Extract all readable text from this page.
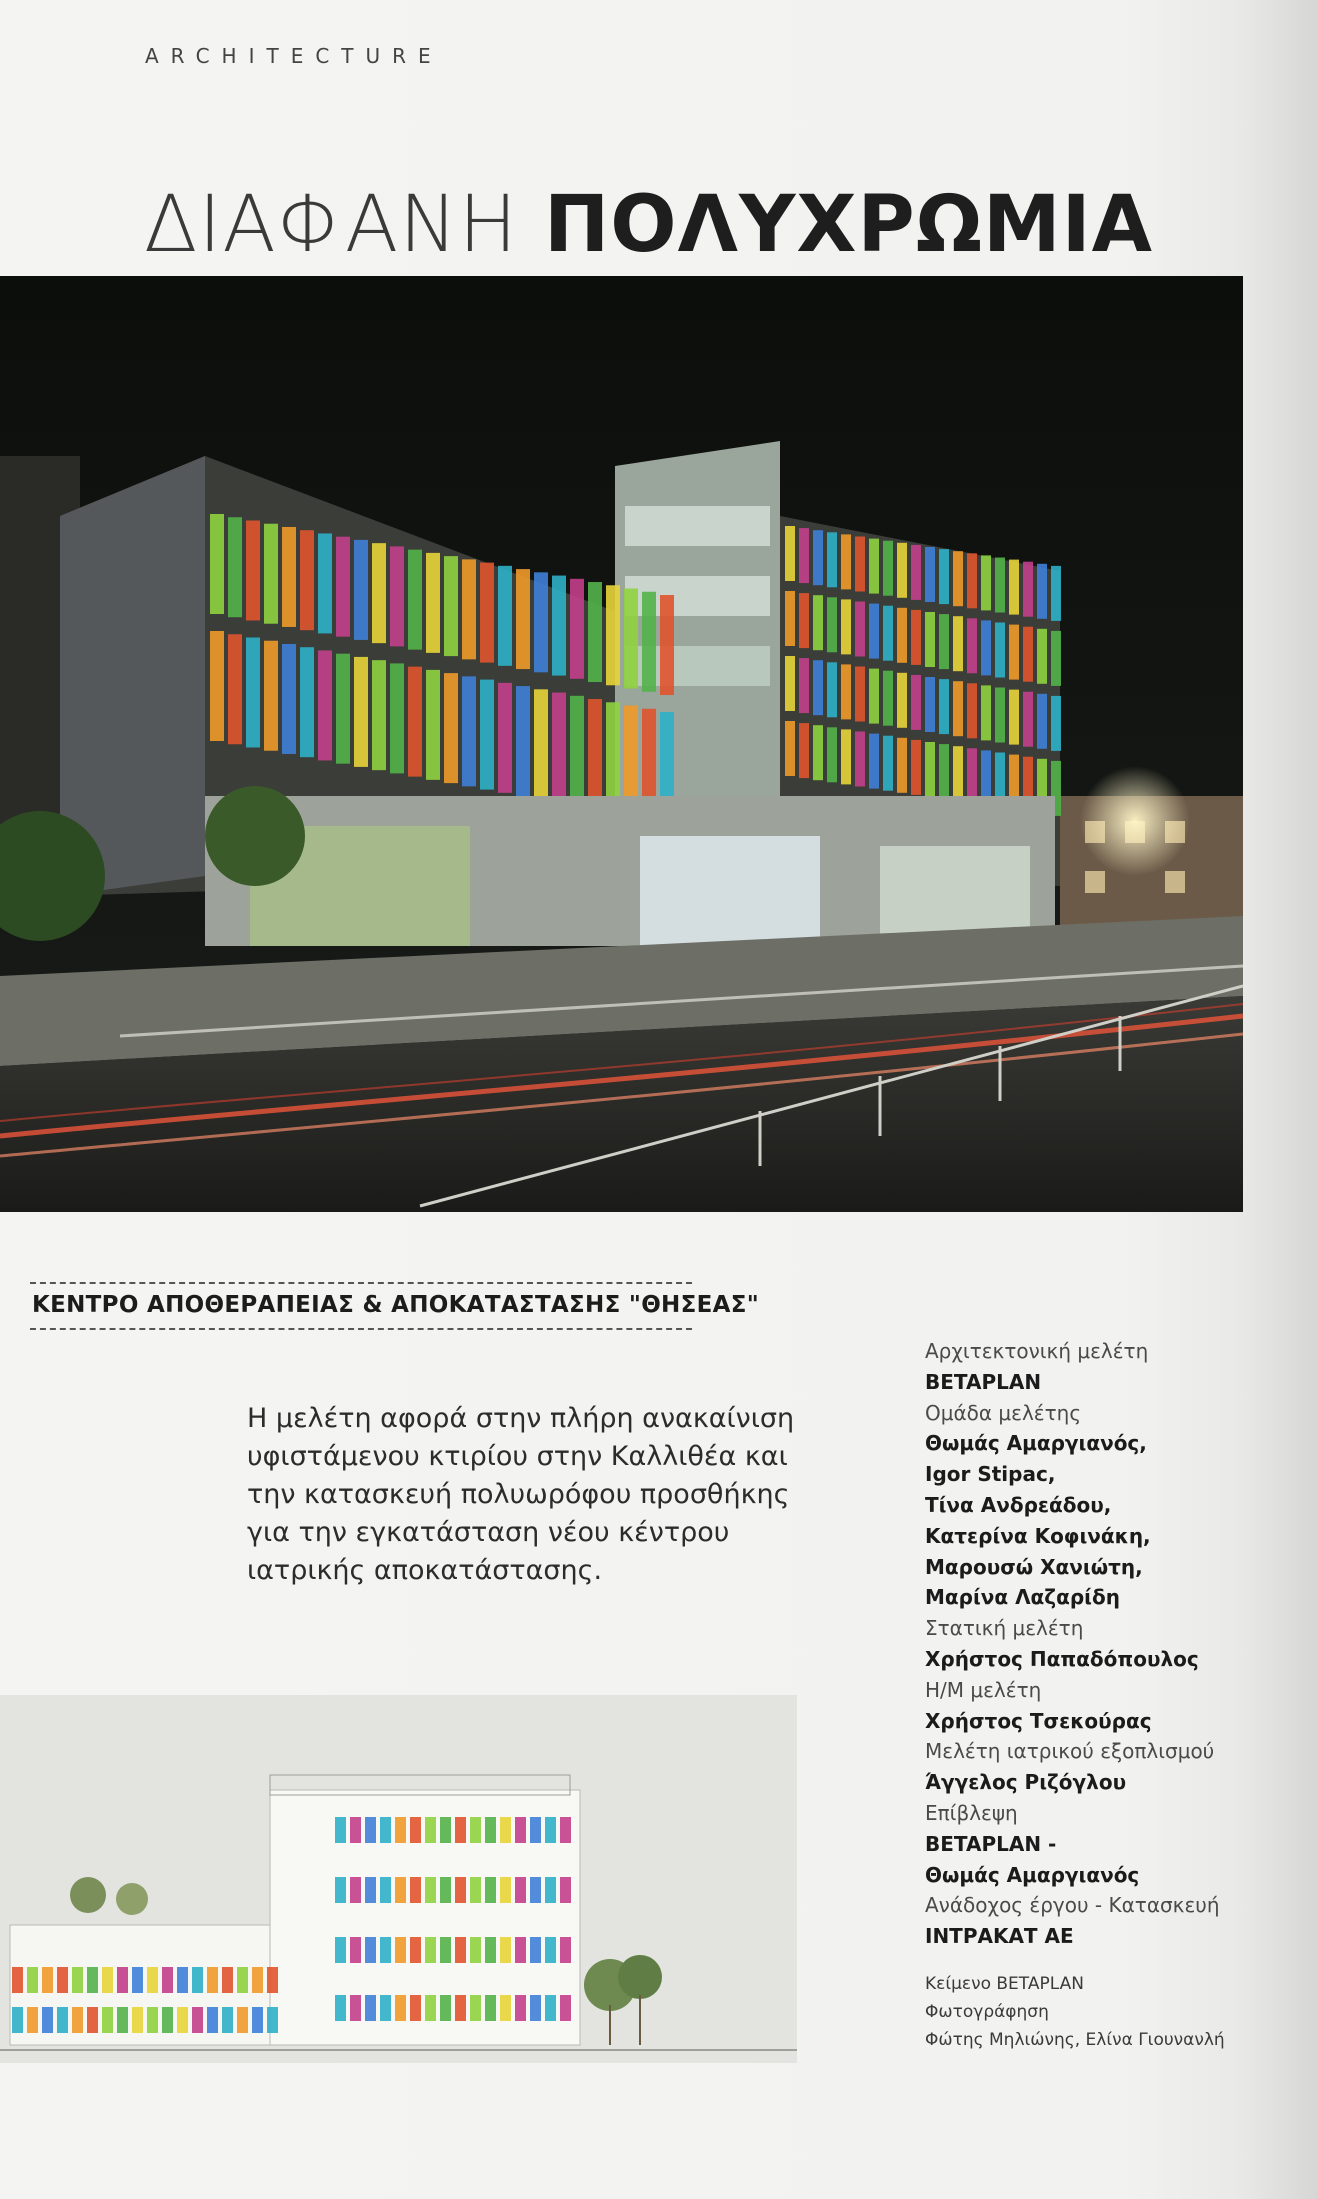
ARCHITECTURE
ΔΙΑΦΑΝΗ ΠΟΛΥΧΡΩΜΙΑ
ΚΕΝΤΡΟ ΑΠΟΘΕΡΑΠΕΙΑΣ & ΑΠΟΚΑΤΑΣΤΑΣΗΣ "ΘΗΣΕΑΣ"
Η μελέτη αφορά στην πλήρη ανακαίνιση
υφιστάμενου κτιρίου στην Καλλιθέα και
την κατασκευή πολυωρόφου προσθήκης
για την εγκατάσταση νέου κέντρου
ιατρικής αποκατάστασης.
Αρχιτεκτονική μελέτη
BETAPLAN
Ομάδα μελέτης
Θωμάς Αμαργιανός,
Igor Stipac,
Τίνα Ανδρεάδου,
Κατερίνα Κοφινάκη,
Μαρουσώ Χανιώτη,
Μαρίνα Λαζαρίδη
Στατική μελέτη
Χρήστος Παπαδόπουλος
Η/Μ μελέτη
Χρήστος Τσεκούρας
Μελέτη ιατρικού εξοπλισμού
Άγγελος Ριζόγλου
Επίβλεψη
BETAPLAN -
Θωμάς Αμαργιανός
Ανάδοχος έργου - Κατασκευή
ΙΝΤΡΑΚΑΤ ΑΕ
Κείμενο BETAPLAN
Φωτογράφηση
Φώτης Μηλιώνης, Ελίνα Γιουνανλή
